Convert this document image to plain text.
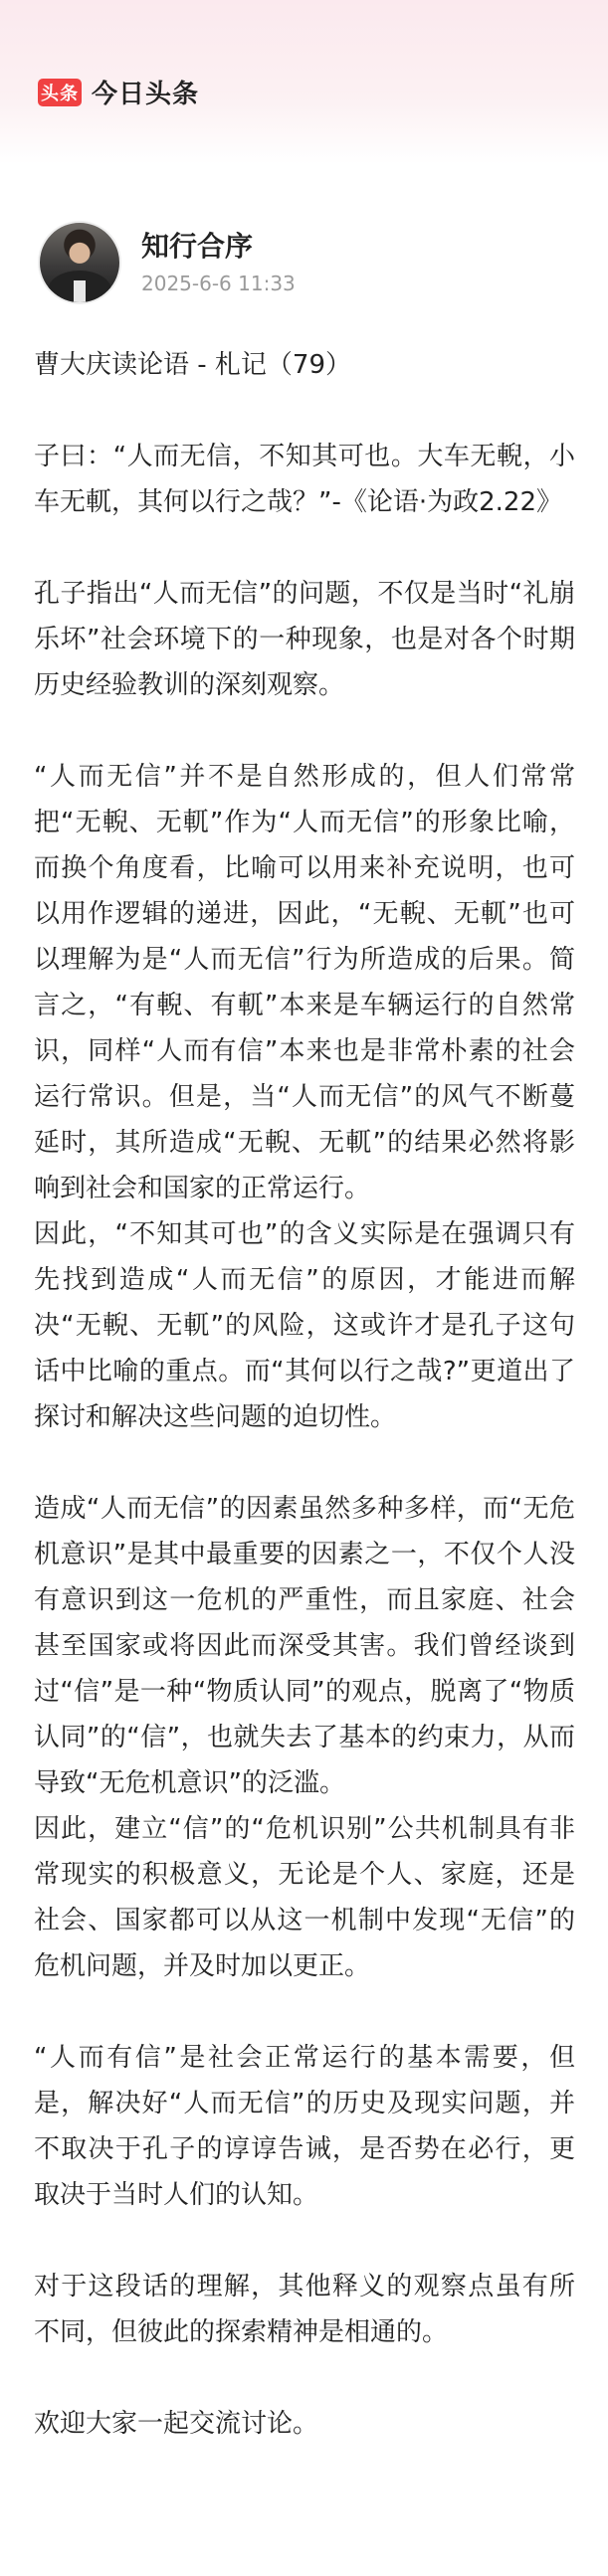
头条 今日头条
知行合序
2025-6-6 11:33

曹大庆读论语 - 札记（79）

子曰：“人而无信，不知其可也。大车无輗，小车无軏，其何以行之哉？”-《论语·为政2.22》

孔子指出“人而无信”的问题，不仅是当时“礼崩乐坏”社会环境下的一种现象，也是对各个时期历史经验教训的深刻观察。

“人而无信”并不是自然形成的，但人们常常把“无輗、无軏”作为“人而无信”的形象比喻，而换个角度看，比喻可以用来补充说明，也可以用作逻辑的递进，因此，“无輗、无軏”也可以理解为是“人而无信”行为所造成的后果。简言之，“有輗、有軏”本来是车辆运行的自然常识，同样“人而有信”本来也是非常朴素的社会运行常识。但是，当“人而无信”的风气不断蔓延时，其所造成“无輗、无軏”的结果必然将影响到社会和国家的正常运行。

因此，“不知其可也”的含义实际是在强调只有先找到造成“人而无信”的原因，才能进而解决“无輗、无軏”的风险，这或许才是孔子这句话中比喻的重点。而“其何以行之哉?”更道出了探讨和解决这些问题的迫切性。

造成“人而无信”的因素虽然多种多样，而“无危机意识”是其中最重要的因素之一，不仅个人没有意识到这一危机的严重性，而且家庭、社会甚至国家或将因此而深受其害。我们曾经谈到过“信”是一种“物质认同”的观点，脱离了“物质认同”的“信”，也就失去了基本的约束力，从而导致“无危机意识”的泛滥。

因此，建立“信”的“危机识别”公共机制具有非常现实的积极意义，无论是个人、家庭，还是社会、国家都可以从这一机制中发现“无信”的危机问题，并及时加以更正。

“人而有信”是社会正常运行的基本需要，但是，解决好“人而无信”的历史及现实问题，并不取决于孔子的谆谆告诫，是否势在必行，更取决于当时人们的认知。

对于这段话的理解，其他释义的观察点虽有所不同，但彼此的探索精神是相通的。

欢迎大家一起交流讨论。
